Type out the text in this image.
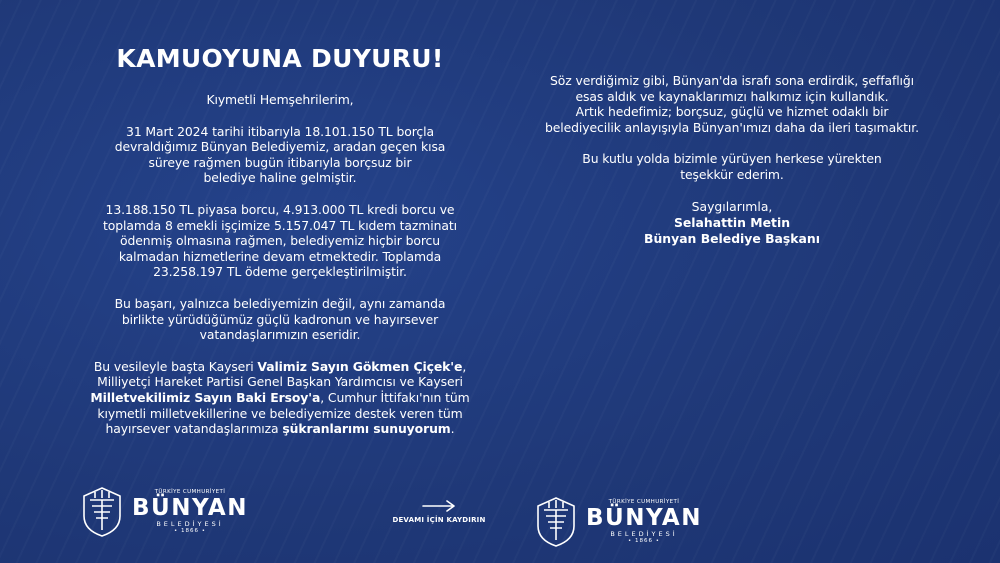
KAMUOYUNA DUYURU!
Kıymetli Hemşehrilerim,
31 Mart 2024 tarihi itibarıyla 18.101.150 TL borçla
devraldığımız Bünyan Belediyemiz, aradan geçen kısa
süreye rağmen bugün itibarıyla borçsuz bir
belediye haline gelmiştir.
13.188.150 TL piyasa borcu, 4.913.000 TL kredi borcu ve
toplamda 8 emekli işçimize 5.157.047 TL kıdem tazminatı
ödenmiş olmasına rağmen, belediyemiz hiçbir borcu
kalmadan hizmetlerine devam etmektedir. Toplamda
23.258.197 TL ödeme gerçekleştirilmiştir.
Bu başarı, yalnızca belediyemizin değil, aynı zamanda
birlikte yürüdüğümüz güçlü kadronun ve hayırsever
vatandaşlarımızın eseridir.
Bu vesileyle başta Kayseri Valimiz Sayın Gökmen Çiçek'e,
Milliyetçi Hareket Partisi Genel Başkan Yardımcısı ve Kayseri
Milletvekilimiz Sayın Baki Ersoy'a, Cumhur İttifakı'nın tüm
kıymetli milletvekillerine ve belediyemize destek veren tüm
hayırsever vatandaşlarımıza şükranlarımı sunuyorum.
Söz verdiğimiz gibi, Bünyan'da israfı sona erdirdik, şeffaflığı
esas aldık ve kaynaklarımızı halkımız için kullandık.
Artık hedefimiz; borçsuz, güçlü ve hizmet odaklı bir
belediyecilik anlayışıyla Bünyan'ımızı daha da ileri taşımaktır.
Bu kutlu yolda bizimle yürüyen herkese yürekten
teşekkür ederim.
Saygılarımla,
Selahattin Metin
Bünyan Belediye Başkanı
TÜRKİYE CUMHURİYETİ
BÜNYAN
BELEDİYESİ
• 1866 •
DEVAMI İÇİN KAYDIRIN
TÜRKİYE CUMHURİYETİ
BÜNYAN
BELEDİYESİ
• 1866 •
